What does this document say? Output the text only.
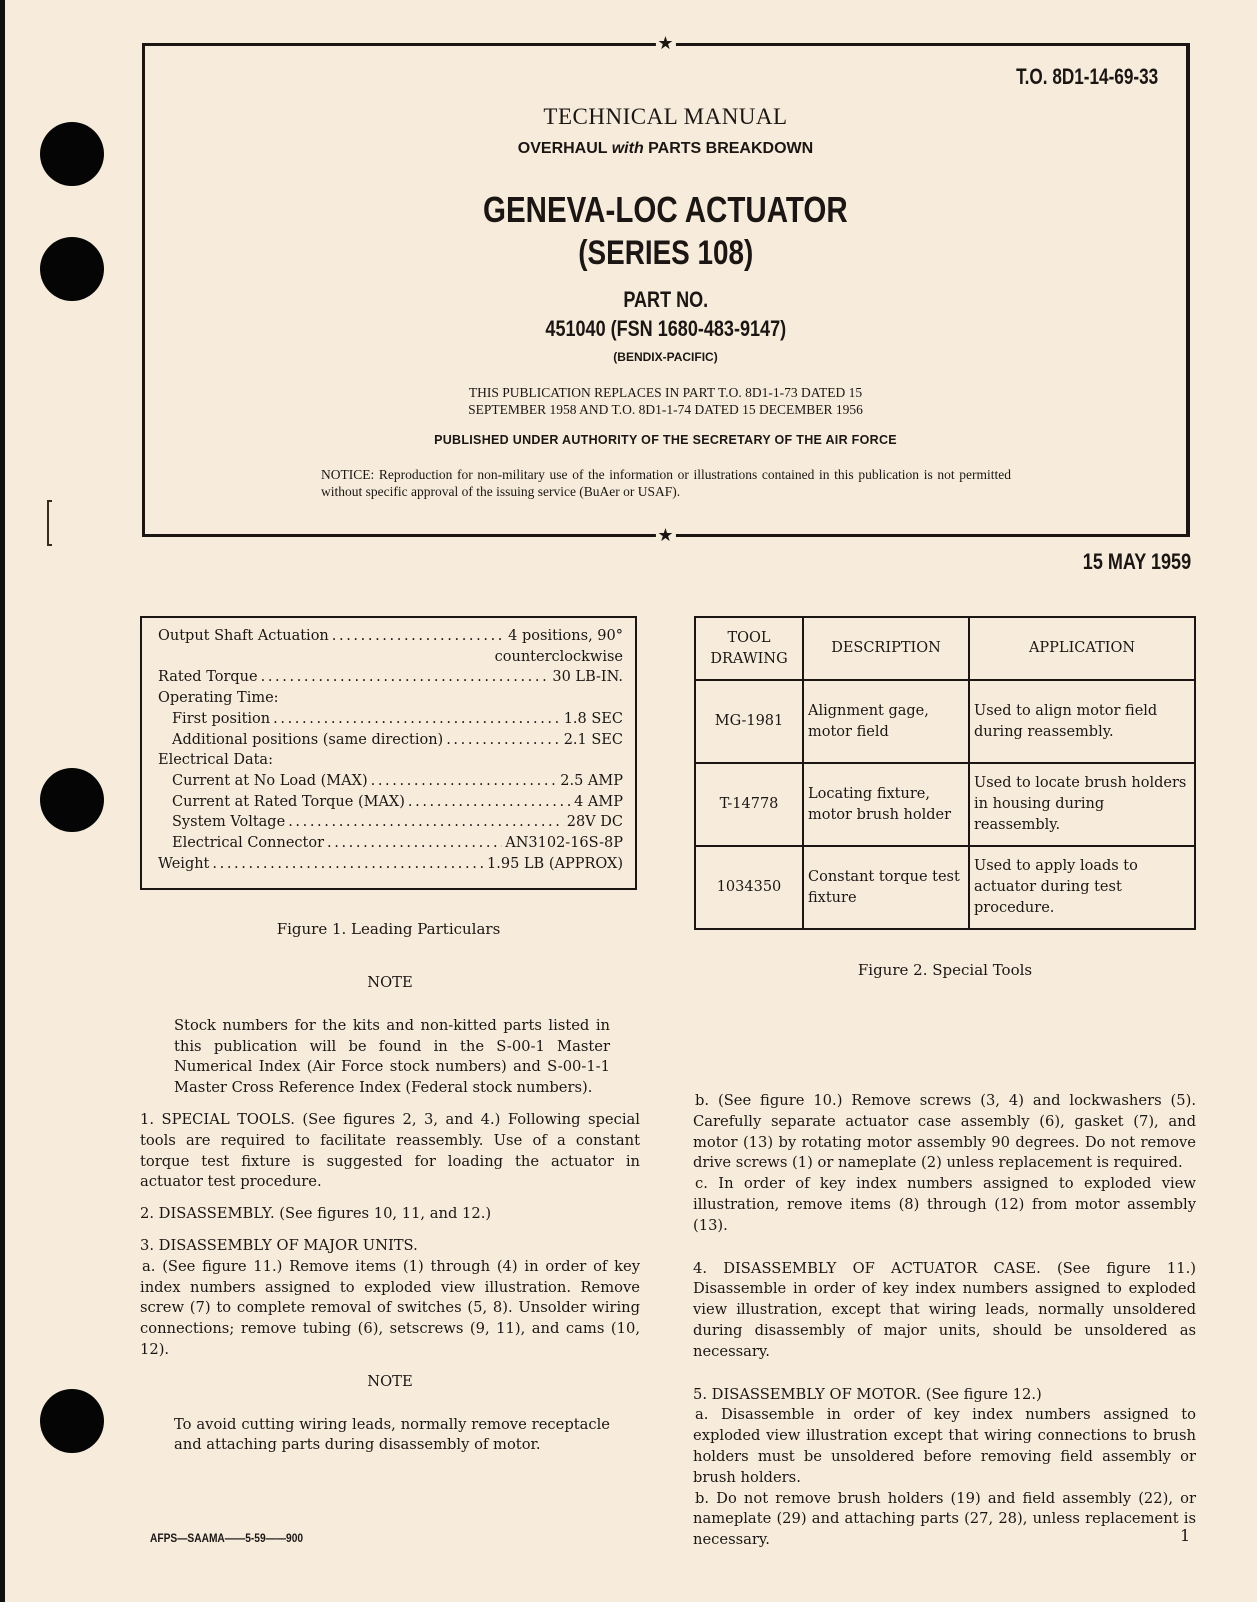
★
★
T.O. 8D1-14-69-33
TECHNICAL MANUAL
OVERHAUL with PARTS BREAKDOWN
GENEVA-LOC ACTUATOR
(SERIES 108)
PART NO.
451040 (FSN 1680-483-9147)
(BENDIX-PACIFIC)
THIS PUBLICATION REPLACES IN PART T.O. 8D1-1-73 DATED 15
SEPTEMBER 1958 AND T.O. 8D1-1-74 DATED 15 DECEMBER 1956
PUBLISHED UNDER AUTHORITY OF THE SECRETARY OF THE AIR FORCE
NOTICE: Reproduction for non-military use of the information or illustrations contained in this publication is not permitted without specific approval of the issuing service (BuAer or USAF).
15 MAY 1959
Output Shaft Actuation . . .	4 positions, 90°
counterclockwise
Rated Torque . . .	30 LB-IN.
Operating Time:
First position . . .	1.8 SEC
Additional positions (same direction) . . .	2.1 SEC
Electrical Data:
Current at No Load (MAX) . . .	2.5 AMP
Current at Rated Torque (MAX) . . .	4 AMP
System Voltage . . .	28V DC
Electrical Connector . . .	AN3102-16S-8P
Weight . . .	1.95 LB (APPROX)
Figure 1. Leading Particulars
TOOL DRAWING	DESCRIPTION	APPLICATION
MG-1981	Alignment gage, motor field	Used to align motor field during reassembly.
T-14778	Locating fixture, motor brush holder	Used to locate brush holders in housing during reassembly.
1034350	Constant torque test fixture	Used to apply loads to actuator during test procedure.
Figure 2. Special Tools

NOTE

Stock numbers for the kits and non-kitted parts listed in this publication will be found in the S-00-1 Master Numerical Index (Air Force stock numbers) and S-00-1-1 Master Cross Reference Index (Federal stock numbers).

1. SPECIAL TOOLS. (See figures 2, 3, and 4.) Following special tools are required to facilitate reassembly. Use of a constant torque test fixture is suggested for loading the actuator in actuator test procedure.

2. DISASSEMBLY. (See figures 10, 11, and 12.)

3. DISASSEMBLY OF MAJOR UNITS.

a. (See figure 11.) Remove items (1) through (4) in order of key index numbers assigned to exploded view illustration. Remove screw (7) to complete removal of switches (5, 8). Unsolder wiring connections; remove tubing (6), setscrews (9, 11), and cams (10, 12).

NOTE

To avoid cutting wiring leads, normally remove receptacle and attaching parts during disassembly of motor.

b. (See figure 10.) Remove screws (3, 4) and lockwashers (5). Carefully separate actuator case assembly (6), gasket (7), and motor (13) by rotating motor assembly 90 degrees. Do not remove drive screws (1) or nameplate (2) unless replacement is required.

c. In order of key index numbers assigned to exploded view illustration, remove items (8) through (12) from motor assembly (13).

4. DISASSEMBLY OF ACTUATOR CASE. (See figure 11.) Disassemble in order of key index numbers assigned to exploded view illustration, except that wiring leads, normally unsoldered during disassembly of major units, should be unsoldered as necessary.

5. DISASSEMBLY OF MOTOR. (See figure 12.)

a. Disassemble in order of key index numbers assigned to exploded view illustration except that wiring connections to brush holders must be unsoldered before removing field assembly or brush holders.

b. Do not remove brush holders (19) and field assembly (22), or nameplate (29) and attaching parts (27, 28), unless replacement is necessary.

AFPS—SAAMA——5-59——900	1
